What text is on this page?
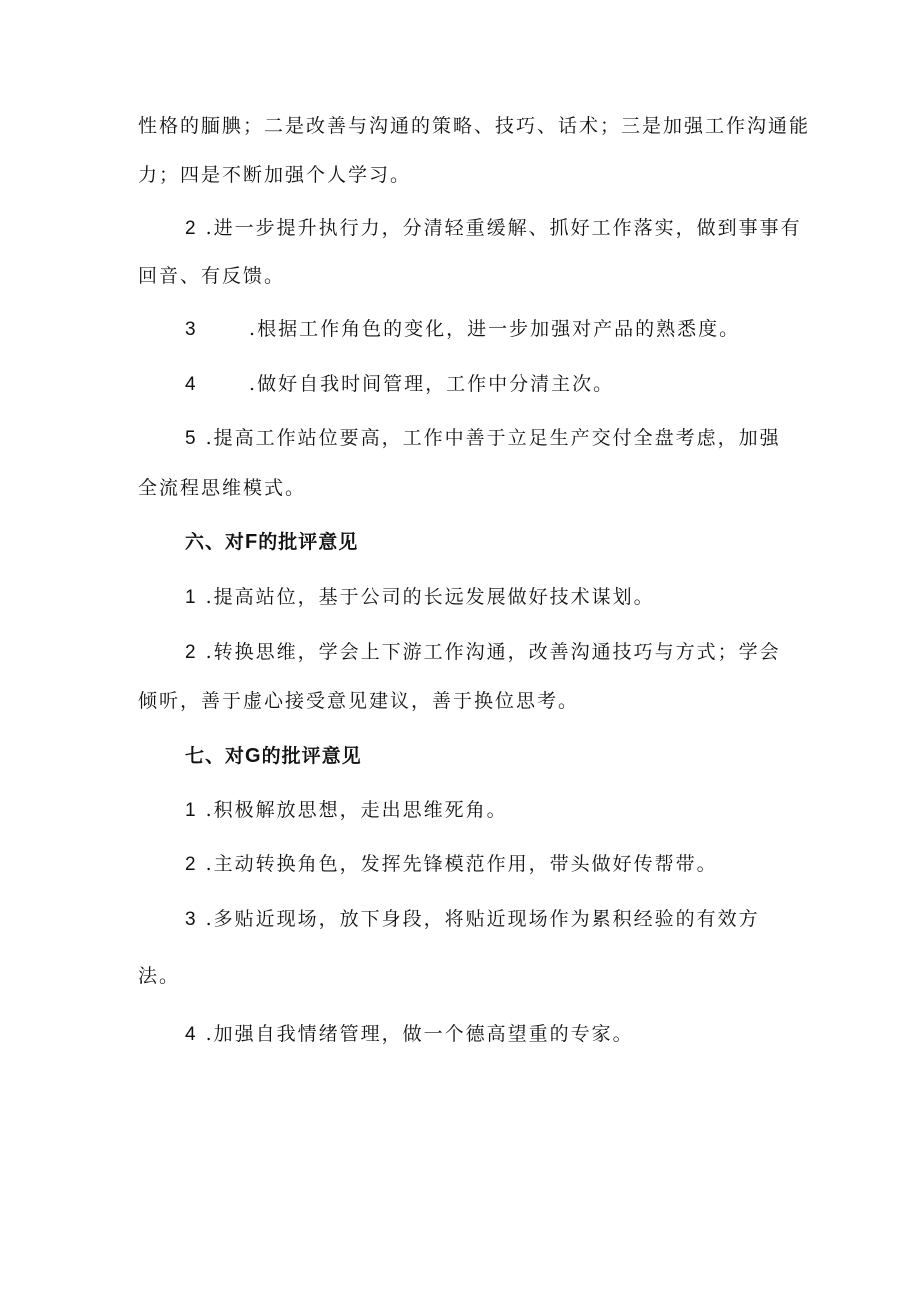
性格的腼腆；二是改善与沟通的策略、技巧、话术；三是加强工作沟通能
力；四是不断加强个人学习。
2 .进一步提升执行力，分清轻重缓解、抓好工作落实，做到事事有
回音、有反馈。
3	.根据工作角色的变化，进一步加强对产品的熟悉度。
4	.做好自我时间管理，工作中分清主次。
5 .提高工作站位要高，工作中善于立足生产交付全盘考虑，加强
全流程思维模式。
六、对F的批评意见
1 .提高站位，基于公司的长远发展做好技术谋划。
2 .转换思维，学会上下游工作沟通，改善沟通技巧与方式；学会
倾听，善于虚心接受意见建议，善于换位思考。
七、对G的批评意见
1 .积极解放思想，走出思维死角。
2 .主动转换角色，发挥先锋模范作用，带头做好传帮带。
3 .多贴近现场，放下身段，将贴近现场作为累积经验的有效方
法。
4 .加强自我情绪管理，做一个德高望重的专家。
